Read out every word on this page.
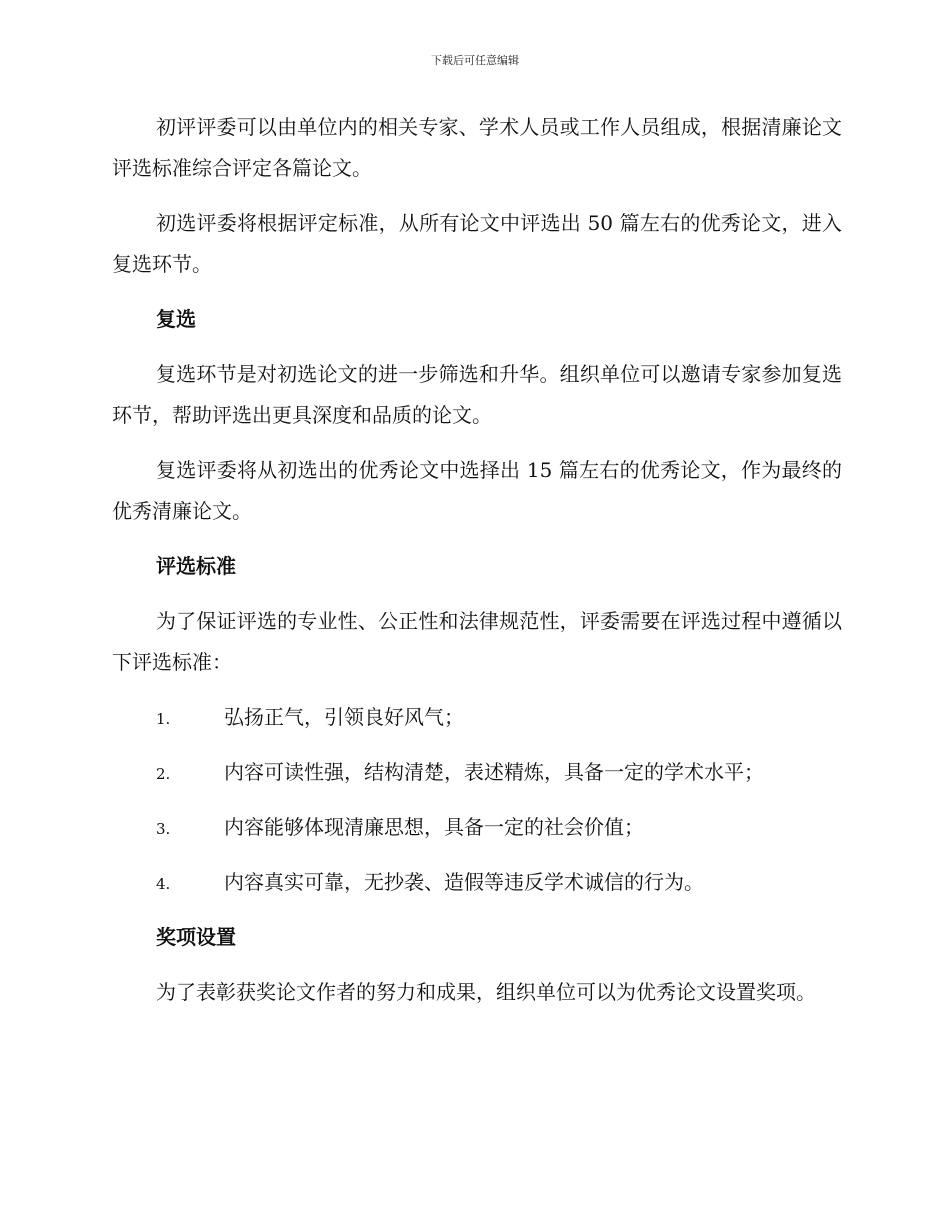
下载后可任意编辑

初评评委可以由单位内的相关专家、学术人员或工作人员组成，根据清廉论文评选标准综合评定各篇论文。

初选评委将根据评定标准，从所有论文中评选出 50 篇左右的优秀论文，进入复选环节。

复选

复选环节是对初选论文的进一步筛选和升华。组织单位可以邀请专家参加复选环节，帮助评选出更具深度和品质的论文。

复选评委将从初选出的优秀论文中选择出 15 篇左右的优秀论文，作为最终的优秀清廉论文。

评选标准

为了保证评选的专业性、公正性和法律规范性，评委需要在评选过程中遵循以下评选标准：

1.	弘扬正气，引领良好风气；
2.	内容可读性强，结构清楚，表述精炼，具备一定的学术水平；
3.	内容能够体现清廉思想，具备一定的社会价值；
4.	内容真实可靠，无抄袭、造假等违反学术诚信的行为。
奖项设置

为了表彰获奖论文作者的努力和成果，组织单位可以为优秀论文设置奖项。
